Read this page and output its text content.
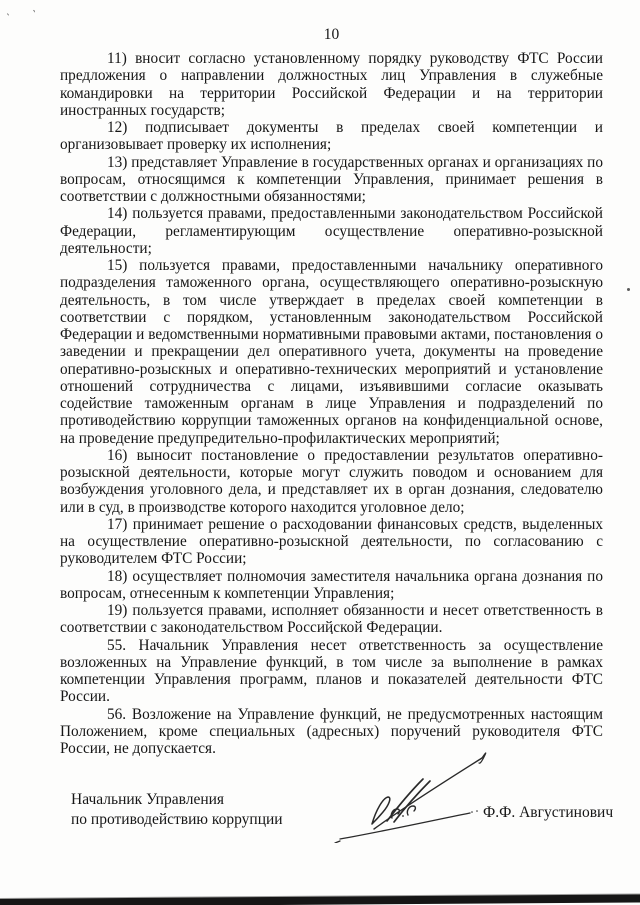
ˏ ˏ
10

11) вносит согласно установленному порядку руководству ФТС России предложения о направлении должностных лиц Управления в служебные командировки на территории Российской Федерации и на территории иностранных государств;

12) подписывает документы в пределах своей компетенции и организовывает проверку их исполнения;

13) представляет Управление в государственных органах и организациях по вопросам, относящимся к компетенции Управления, принимает решения в соответствии с должностными обязанностями;

14) пользуется правами, предоставленными законодательством Российской Федерации, регламентирующим осуществление оперативно-розыскной деятельности;

15) пользуется правами, предоставленными начальнику оперативного подразделения таможенного органа, осуществляющего оперативно-розыскную деятельность, в том числе утверждает в пределах своей компетенции в соответствии с порядком, установленным законодательством Российской Федерации и ведомственными нормативными правовыми актами, постановления о заведении и прекращении дел оперативного учета, документы на проведение оперативно-розыскных и оперативно-технических мероприятий и установление отношений сотрудничества с лицами, изъявившими согласие оказывать содействие таможенным органам в лице Управления и подразделений по противодействию коррупции таможенных органов на конфиденциальной основе, на проведение предупредительно-профилактических мероприятий;

16) выносит постановление о предоставлении результатов оперативно-розыскной деятельности, которые могут служить поводом и основанием для возбуждения уголовного дела, и представляет их в орган дознания, следователю или в суд, в производстве которого находится уголовное дело;

17) принимает решение о расходовании финансовых средств, выделенных на осуществление оперативно-розыскной деятельности, по согласованию с руководителем ФТС России;

18) осуществляет полномочия заместителя начальника органа дознания по вопросам, отнесенным к компетенции Управления;

19) пользуется правами, исполняет обязанности и несет ответственность в соответствии с законодательством Российской Федерации.

55. Начальник Управления несет ответственность за осуществление возложенных на Управление функций, в том числе за выполнение в рамках компетенции Управления программ, планов и показателей деятельности ФТС России.

56. Возложение на Управление функций, не предусмотренных настоящим Положением, кроме специальных (адресных) поручений руководителя ФТС России, не допускается.

Начальник Управления
по противодействию коррупции	Ф.Ф. Августинович
